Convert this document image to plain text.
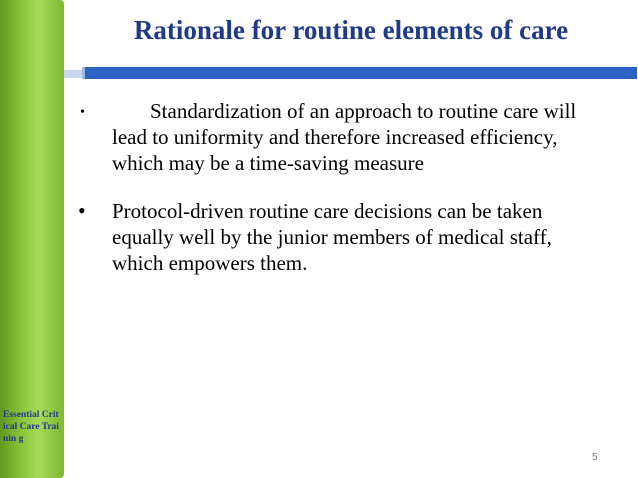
Essential Critical Care Trainin g
Rationale for routine elements of care
•	Standardization of an approach to routine care will lead to uniformity and therefore increased efficiency, which may be a time-saving measure
• Protocol-driven routine care decisions can be taken equally well by the junior members of medical staff, which empowers them.
5
